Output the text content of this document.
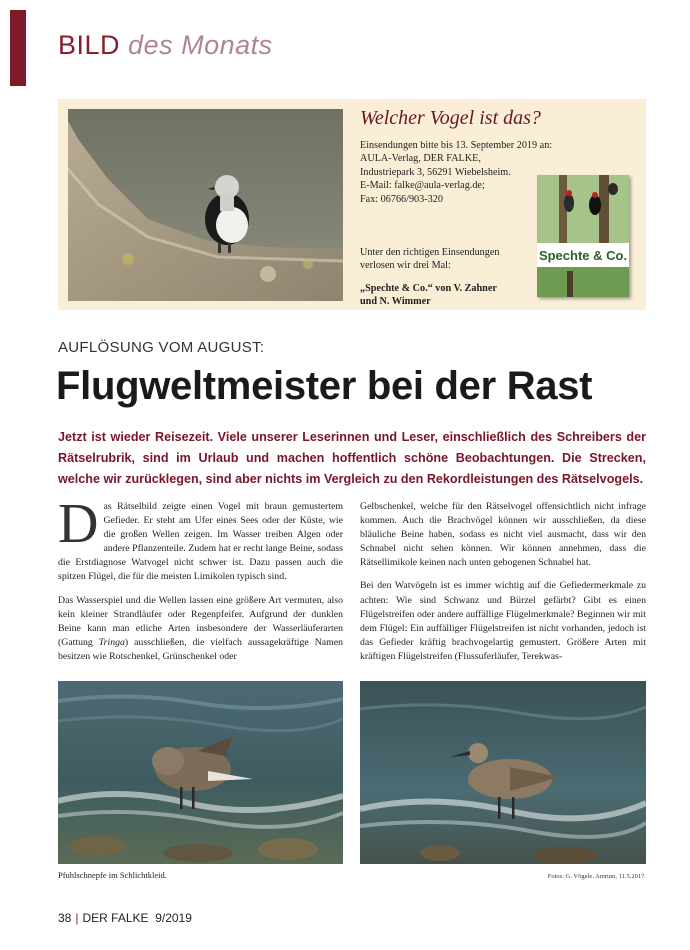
BILD des Monats
Welcher Vogel ist das?
Einsendungen bitte bis 13. September 2019 an:
AULA-Verlag, DER FALKE,
Industriepark 3, 56291 Wiebelsheim.
E-Mail: falke@aula-verlag.de;
Fax: 06766/903-320
Unter den richtigen Einsendungen
verlosen wir drei Mal:
„Spechte & Co.“ von V. Zahner
und N. Wimmer
Spechte & Co.
AUFLÖSUNG VOM AUGUST:
Flugweltmeister bei der Rast
Jetzt ist wieder Reisezeit. Viele unserer Leserinnen und Leser, einschließlich des Schreibers der Rätselrubrik, sind im Urlaub und machen hoffentlich schöne Beobachtungen. Die Strecken, welche wir zurücklegen, sind aber nichts im Vergleich zu den Rekordleistungen des Rätselvogels.

Das Rätselbild zeigte einen Vogel mit braun gemustertem Gefieder. Er steht am Ufer eines Sees oder der Küste, wie die großen Wellen zeigen. Im Wasser treiben Algen oder andere Pflanzenteile. Zudem hat er recht lange Beine, sodass die Erstdiagnose Watvogel nicht schwer ist. Dazu passen auch die spitzen Flügel, die für die meisten Limikolen typisch sind.

Das Wasserspiel und die Wellen lassen eine größere Art vermuten, also kein kleiner Strandläufer oder Regenpfeifer. Aufgrund der dunklen Beine kann man etliche Arten insbesondere der Wasserläuferarten (Gattung Tringa) ausschließen, die vielfach aussagekräftige Namen besitzen wie Rotschenkel, Grünschenkel oder

Gelbschenkel, welche für den Rätselvogel offensichtlich nicht infrage kommen. Auch die Brachvögel können wir ausschließen, da diese bläuliche Beine haben, sodass es nicht viel ausmacht, dass wir den Schnabel nicht sehen können. Wir können annehmen, dass die Rätsellimikole keinen nach unten gebogenen Schnabel hat.

Bei den Watvögeln ist es immer wichtig auf die Gefiedermerkmale zu achten: Wie sind Schwanz und Bürzel gefärbt? Gibt es einen Flügelstreifen oder andere auffällige Flügelmerkmale? Beginnen wir mit dem Flügel: Ein auffälliger Flügelstreifen ist nicht vorhanden, jedoch ist das Gefieder kräftig brachvogelartig gemustert. Größere Arten mit kräftigen Flügelstreifen (Flussuferläufer, Terekwas-

Pfuhlschnepfe im Schlichtkleid.	Fotos: G. Vögele. Amrum, 11.5.2017.
38 | DER FALKE 9/2019
